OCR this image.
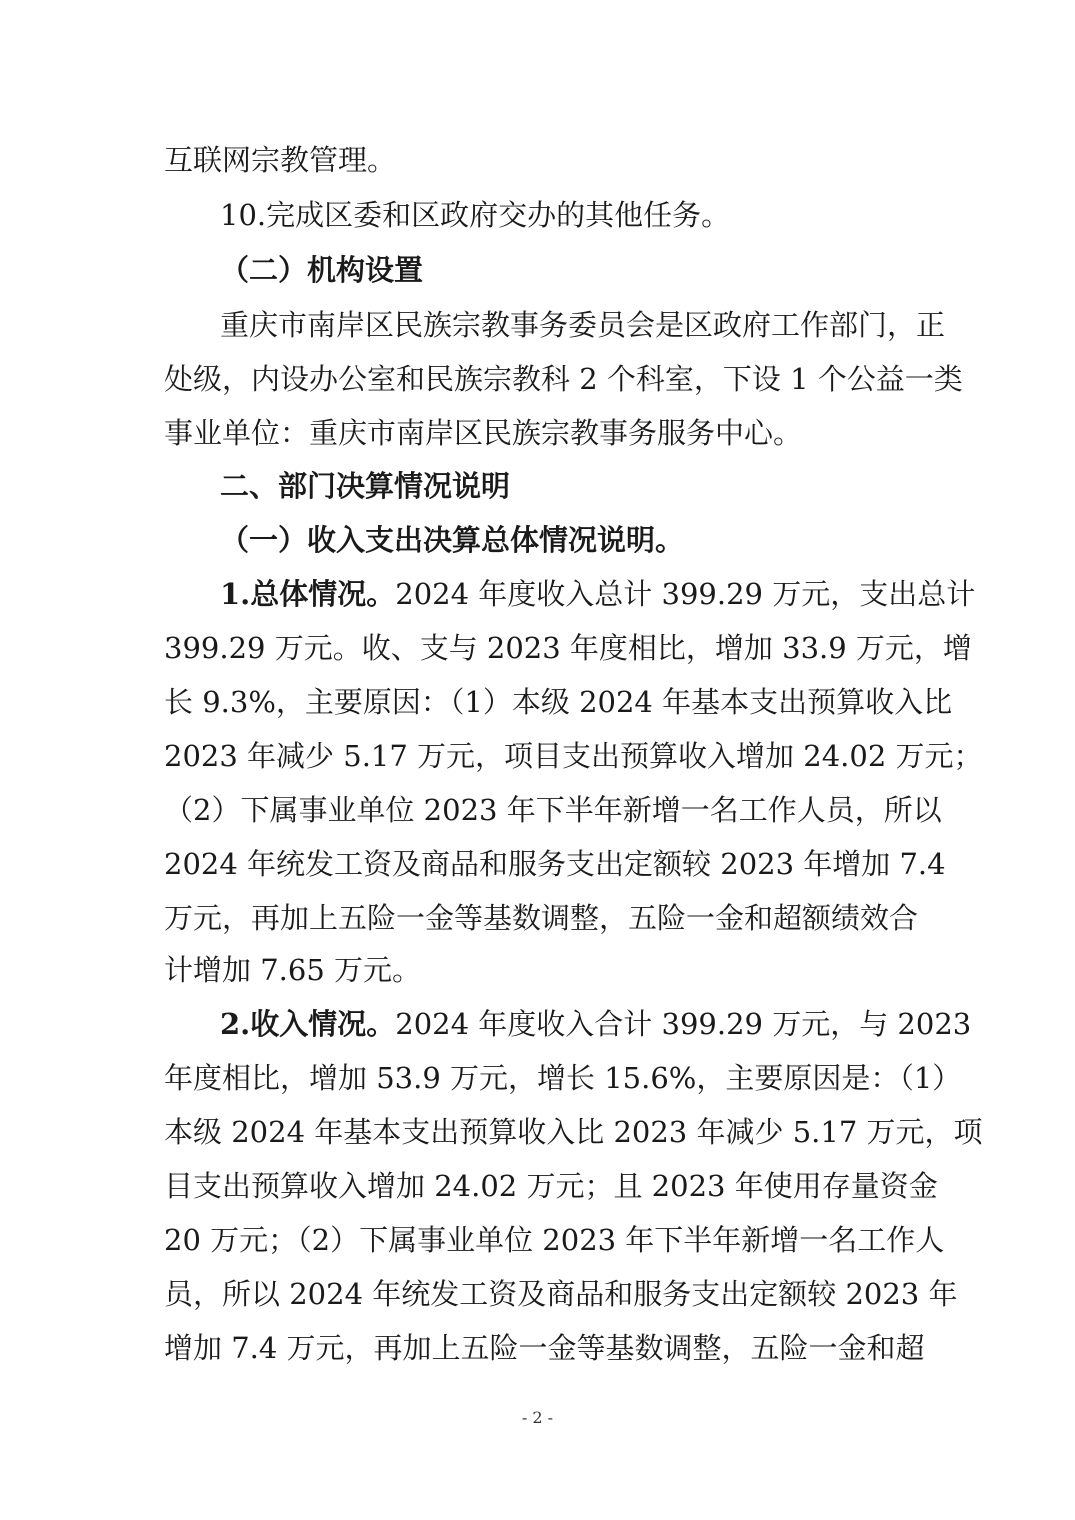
互联网宗教管理。
10.完成区委和区政府交办的其他任务。
（二）机构设置
重庆市南岸区民族宗教事务委员会是区政府工作部门，正
处级，内设办公室和民族宗教科 2 个科室，下设 1 个公益一类
事业单位：重庆市南岸区民族宗教事务服务中心。
二、部门决算情况说明
（一）收入支出决算总体情况说明。
1.总体情况。2024 年度收入总计 399.29 万元，支出总计
399.29 万元。收、支与 2023 年度相比，增加 33.9 万元，增
长 9.3%，主要原因：（1）本级 2024 年基本支出预算收入比
2023 年减少 5.17 万元，项目支出预算收入增加 24.02 万元；
（2）下属事业单位 2023 年下半年新增一名工作人员，所以
2024 年统发工资及商品和服务支出定额较 2023 年增加 7.4
万元，再加上五险一金等基数调整，五险一金和超额绩效合
计增加 7.65 万元。
2.收入情况。2024 年度收入合计 399.29 万元，与 2023
年度相比，增加 53.9 万元，增长 15.6%，主要原因是：（1）
本级 2024 年基本支出预算收入比 2023 年减少 5.17 万元，项
目支出预算收入增加 24.02 万元；且 2023 年使用存量资金
20 万元；（2）下属事业单位 2023 年下半年新增一名工作人
员，所以 2024 年统发工资及商品和服务支出定额较 2023 年
增加 7.4 万元，再加上五险一金等基数调整，五险一金和超
- 2 -
